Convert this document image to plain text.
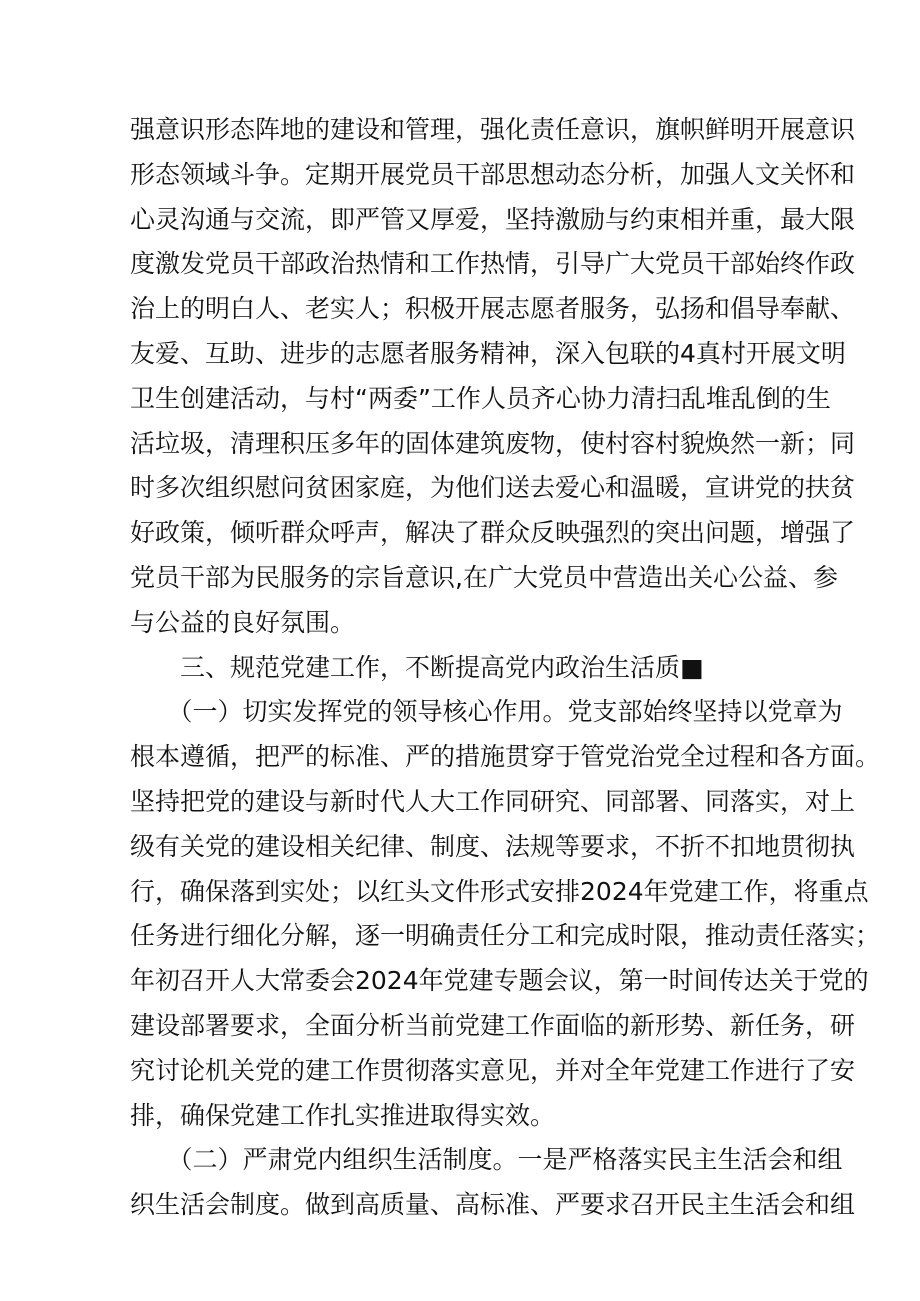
强意识形态阵地的建设和管理，强化责任意识，旗帜鲜明开展意识
形态领域斗争。定期开展党员干部思想动态分析，加强人文关怀和
心灵沟通与交流，即严管又厚爱，坚持激励与约束相并重，最大限
度激发党员干部政治热情和工作热情，引导广大党员干部始终作政
治上的明白人、老实人；积极开展志愿者服务，弘扬和倡导奉献、
友爱、互助、进步的志愿者服务精神，深入包联的4真村开展文明
卫生创建活动，与村“两委”工作人员齐心协力清扫乱堆乱倒的生
活垃圾，清理积压多年的固体建筑废物，使村容村貌焕然一新；同
时多次组织慰问贫困家庭，为他们送去爱心和温暖，宣讲党的扶贫
好政策，倾听群众呼声，解决了群众反映强烈的突出问题，增强了
党员干部为民服务的宗旨意识,在广大党员中营造出关心公益、参
与公益的良好氛围。
　　三、规范党建工作，不断提高党内政治生活质■
　　（一）切实发挥党的领导核心作用。党支部始终坚持以党章为
根本遵循，把严的标准、严的措施贯穿于管党治党全过程和各方面。
坚持把党的建设与新时代人大工作同研究、同部署、同落实，对上
级有关党的建设相关纪律、制度、法规等要求，不折不扣地贯彻执
行，确保落到实处；以红头文件形式安排2024年党建工作，将重点
任务进行细化分解，逐一明确责任分工和完成时限，推动责任落实；
年初召开人大常委会2024年党建专题会议，第一时间传达关于党的
建设部署要求，全面分析当前党建工作面临的新形势、新任务，研
究讨论机关党的建工作贯彻落实意见，并对全年党建工作进行了安
排，确保党建工作扎实推进取得实效。
　　（二）严肃党内组织生活制度。一是严格落实民主生活会和组
织生活会制度。做到高质量、高标准、严要求召开民主生活会和组
